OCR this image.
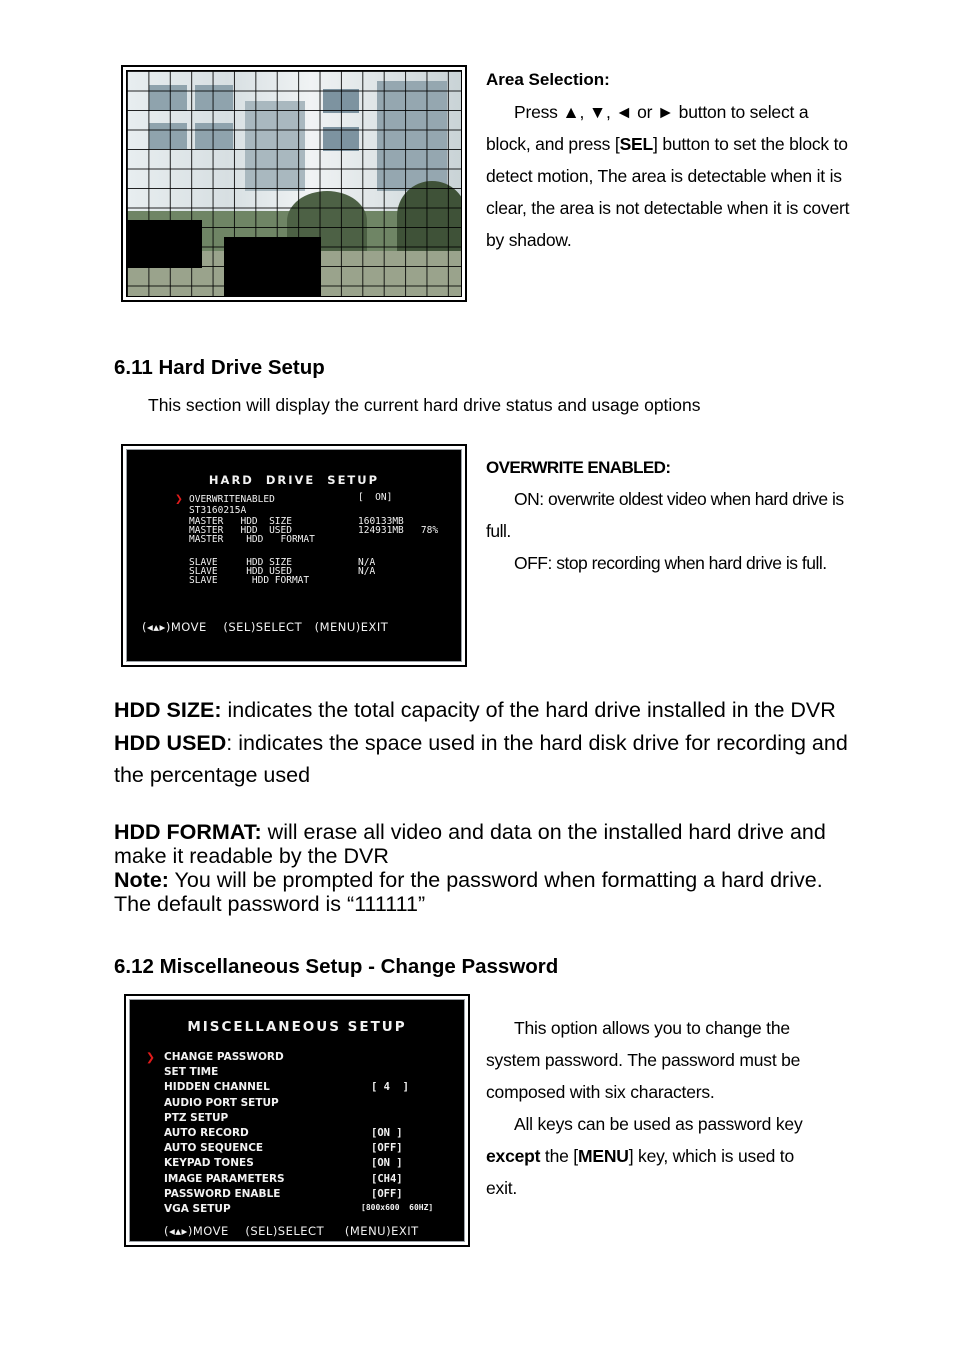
Area Selection:
Press ▲, ▼, ◄ or ► button to select a
block, and press [SEL] button to set the block to
detect motion, The area is detectable when it is
clear, the area is not detectable when it is covert
by shadow.
6.11 Hard Drive Setup
This section will display the current hard drive status and usage options
HARD  DRIVE  SETUP
❯ OVERWRITENABLED	[  ON]
ST3160215A
MASTER   HDD  SIZE	160133MB
MASTER   HDD  USED	124931MB   78%
MASTER    HDD   FORMAT
SLAVE     HDD SIZE	N/A
SLAVE     HDD USED	N/A
SLAVE      HDD FORMAT
(◂▴▸)MOVE (SEL)SELECT (MENU)EXIT
OVERWRITE ENABLED:
ON: overwrite oldest video when hard drive is
full.
OFF: stop recording when hard drive is full.
HDD SIZE: indicates the total capacity of the hard drive installed in the DVR
HDD USED: indicates the space used in the hard disk drive for recording and
the percentage used
HDD FORMAT: will erase all video and data on the installed hard drive and
make it readable by the DVR
Note: You will be prompted for the password when formatting a hard drive.
The default password is “111111”
6.12 Miscellaneous Setup - Change Password
MISCELLANEOUS SETUP
❯ CHANGE PASSWORD
SET TIME
HIDDEN CHANNEL	[ 4  ]
AUDIO PORT SETUP
PTZ SETUP
AUTO RECORD	[ON ]
AUTO SEQUENCE	[OFF]
KEYPAD TONES	[ON ]
IMAGE PARAMETERS	[CH4]
PASSWORD ENABLE	[OFF]
VGA SETUP	[800x600  60HZ]
(◂▴▸)MOVE (SEL)SELECT (MENU)EXIT
This option allows you to change the
system password. The password must be
composed with six characters.
All keys can be used as password key
except the [MENU] key, which is used to
exit.
